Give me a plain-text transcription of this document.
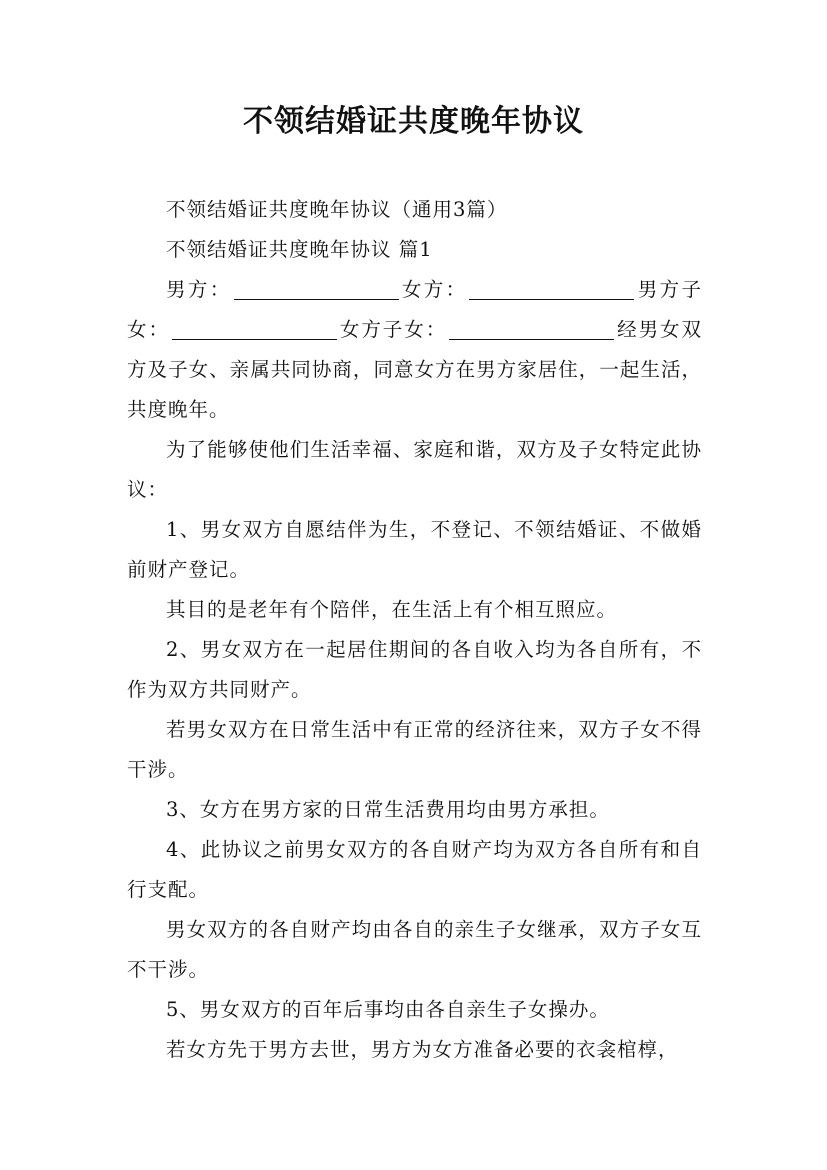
不领结婚证共度晚年协议

不领结婚证共度晚年协议（通用3篇）

不领结婚证共度晚年协议 篇1

男方：	女方：	男方子女：	女方子女：	经男女双方及子女、亲属共同协商，同意女方在男方家居住，一起生活，共度晚年。

为了能够使他们生活幸福、家庭和谐，双方及子女特定此协议：

1、男女双方自愿结伴为生，不登记、不领结婚证、不做婚前财产登记。

其目的是老年有个陪伴，在生活上有个相互照应。

2、男女双方在一起居住期间的各自收入均为各自所有，不作为双方共同财产。

若男女双方在日常生活中有正常的经济往来，双方子女不得干涉。

3、女方在男方家的日常生活费用均由男方承担。

4、此协议之前男女双方的各自财产均为双方各自所有和自行支配。

男女双方的各自财产均由各自的亲生子女继承，双方子女互不干涉。

5、男女双方的百年后事均由各自亲生子女操办。

若女方先于男方去世，男方为女方准备必要的衣衾棺椁，
